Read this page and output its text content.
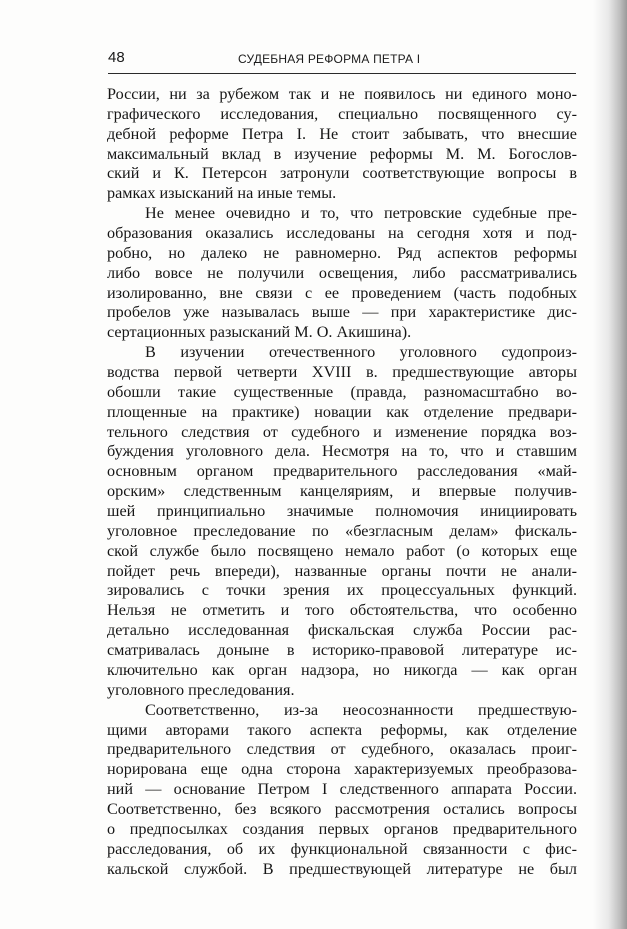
48	СУДЕБНАЯ РЕФОРМА ПЕТРА I
России, ни за рубежом так и не появилось ни единого моно-
графического исследования, специально посвященного су-
дебной реформе Петра I. Не стоит забывать, что внесшие
максимальный вклад в изучение реформы М. М. Богослов-
ский и К. Петерсон затронули соответствующие вопросы в
рамках изысканий на иные темы.
Не менее очевидно и то, что петровские судебные пре-
образования оказались исследованы на сегодня хотя и под-
робно, но далеко не равномерно. Ряд аспектов реформы
либо вовсе не получили освещения, либо рассматривались
изолированно, вне связи с ее проведением (часть подобных
пробелов уже называлась выше — при характеристике дис-
сертационных разысканий М. О. Акишина).
В изучении отечественного уголовного судопроиз-
водства первой четверти XVIII в. предшествующие авторы
обошли такие существенные (правда, разномасштабно во-
площенные на практике) новации как отделение предвари-
тельного следствия от судебного и изменение порядка воз-
буждения уголовного дела. Несмотря на то, что и ставшим
основным органом предварительного расследования «май-
орским» следственным канцеляриям, и впервые получив-
шей принципиально значимые полномочия инициировать
уголовное преследование по «безгласным делам» фискаль-
ской службе было посвящено немало работ (о которых еще
пойдет речь впереди), названные органы почти не анали-
зировались с точки зрения их процессуальных функций.
Нельзя не отметить и того обстоятельства, что особенно
детально исследованная фискальская служба России рас-
сматривалась доныне в историко-правовой литературе ис-
ключительно как орган надзора, но никогда — как орган
уголовного преследования.
Соответственно, из-за неосознанности предшествую-
щими авторами такого аспекта реформы, как отделение
предварительного следствия от судебного, оказалась проиг-
норирована еще одна сторона характеризуемых преобразова-
ний — основание Петром I следственного аппарата России.
Соответственно, без всякого рассмотрения остались вопросы
о предпосылках создания первых органов предварительного
расследования, об их функциональной связанности с фис-
кальской службой. В предшествующей литературе не был
